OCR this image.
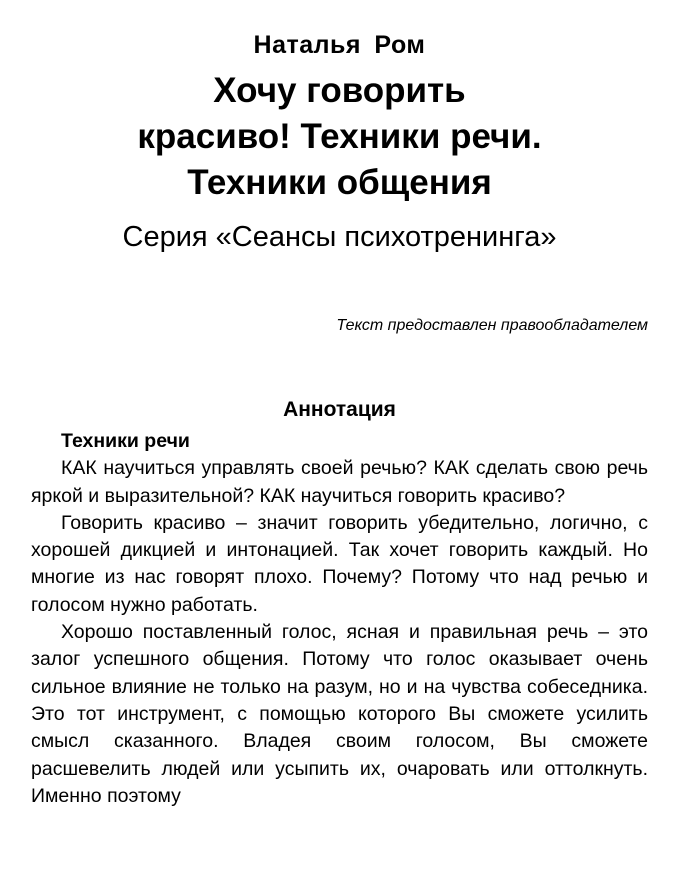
Наталья Ром
Хочу говорить
красиво! Техники речи.
Техники общения
Серия «Сеансы психотренинга»
Текст предоставлен правообладателем
Аннотация

Техники речи

КАК научиться управлять своей речью? КАК сделать свою речь яркой и выразительной? КАК научиться говорить красиво?

Говорить красиво – значит говорить убедительно, логично, с хорошей дикцией и интонацией. Так хочет говорить каждый. Но многие из нас говорят плохо. Почему? Потому что над речью и голосом нужно работать.

Хорошо поставленный голос, ясная и правильная речь – это залог успешного общения. Потому что голос оказывает очень сильное влияние не только на разум, но и на чувства собеседника. Это тот инструмент, с помощью которого Вы сможете усилить смысл сказанного. Владея своим голосом, Вы сможете расшевелить людей или усыпить их, очаровать или оттолкнуть. Именно поэтому
